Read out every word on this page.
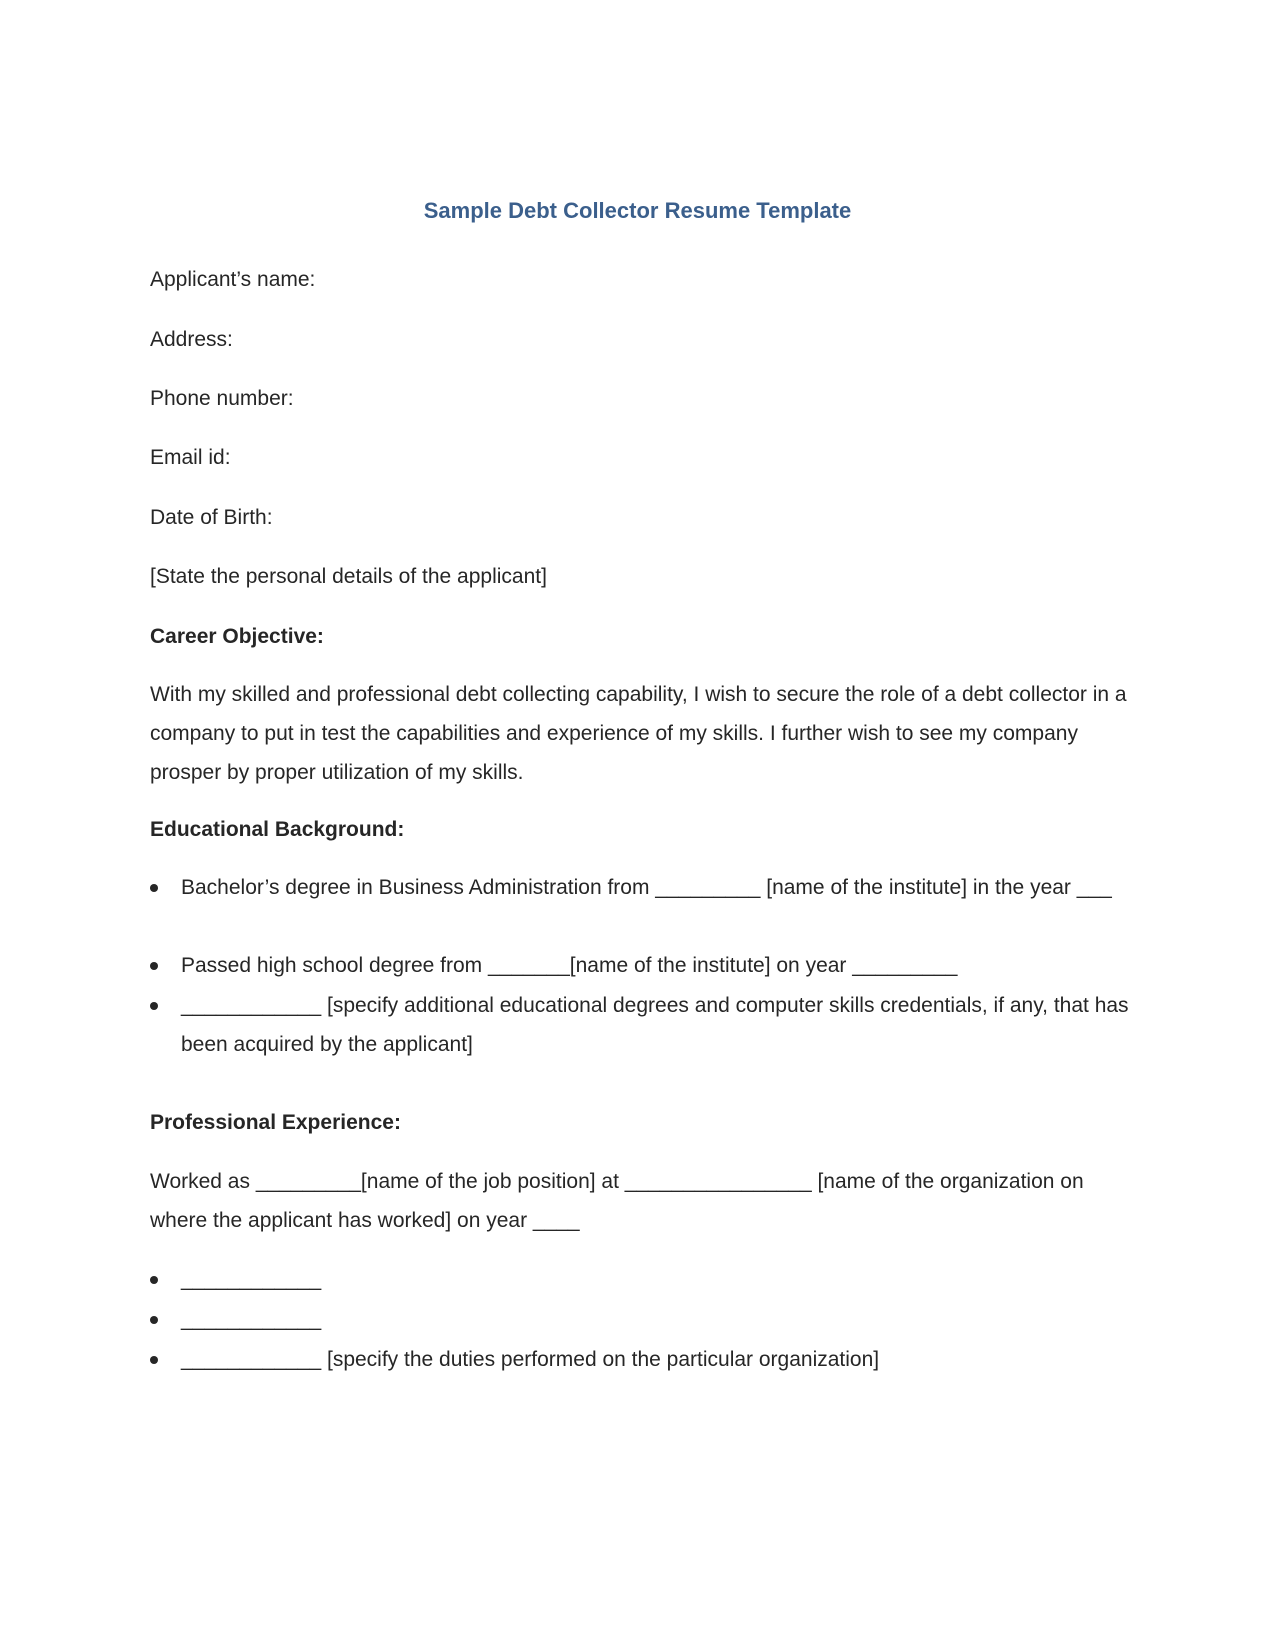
Sample Debt Collector Resume Template

Applicant’s name:

Address:

Phone number:

Email id:

Date of Birth:

[State the personal details of the applicant]

Career Objective:

With my skilled and professional debt collecting capability, I wish to secure the role of a debt collector in a company to put in test the capabilities and experience of my skills. I further wish to see my company prosper by proper utilization of my skills.

Educational Background:

Bachelor’s degree in Business Administration from _________ [name of the institute] in the year ___
Passed high school degree from _______[name of the institute] on year _________
____________ [specify additional educational degrees and computer skills credentials, if any, that has been acquired by the applicant]

Professional Experience:

Worked as _________[name of the job position] at ________________ [name of the organization on where the applicant has worked] on year ____

____________
____________
____________ [specify the duties performed on the particular organization]
